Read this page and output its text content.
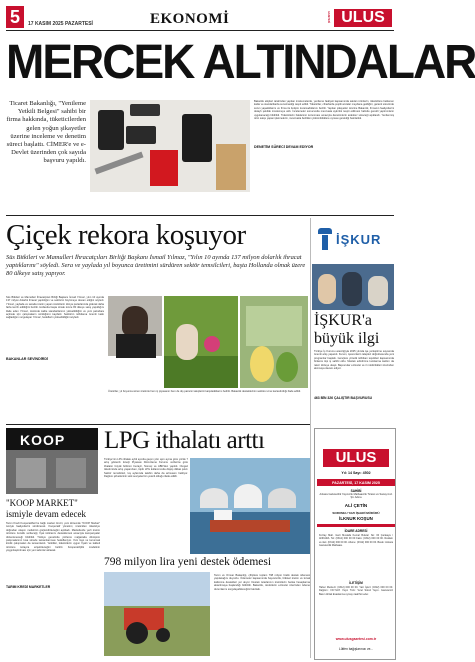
5	17 KASIM 2025 PAZARTESİ	EKONOMİ	ULUS
GAZETESİ
MERCEK ALTINDALAR
Ticaret Bakanlığı, "Yenileme Yetkili Belgesi" sahibi bir firma hakkında, tüketicilerden gelen yoğun şikayetler üzerine inceleme ve denetim süreci başlattı. CİMER'e ve e-Devlet üzerinden çok sayıda başvuru yapıldı.
Bakanlık ekipleri tarafından yapılan incelemelerde, yenileme faaliyeti kapsamında satılan ürünlerin, tüketicilere beklenen kalite ve standartlarda sunulmadığı tespit edildi. Tüketiciler, cihazlarda çeşitli arızalar meydana geldiğini, garanti sürecinde sorun yaşadıklarını ve firma ile iletişim kuramadıklarını belirtti. Yapılan şikayetler üzerine Bakanlık, firmanın faaliyetlerini detaylı şekilde incelemeye aldı. İncelemeler sonucunda mevzuata aykırılık tespit edilmesi halinde gerekli yaptırımların uygulanacağı bildirildi. Tüketicilerin haklarının korunması amacıyla denetimlerin aralıksız süreceği açıklandı. Yenilenmiş ürün satışı yapan işletmelerin, mevzuatta belirtilen yükümlülüklere uyması gerektiği hatırlatıldı.
DENETİM SÜRECİ DEVAM EDİYOR
Çiçek rekora koşuyor
Süs Bitkileri ve Mamulleri İhracatçıları Birliği Başkanı İsmail Yılmaz, "Yılın 10 ayında 137 milyon dolarlık ihracat yaptıklarını" söyledi. Sera ve yaylada yıl boyunca üretimini sürdüren sektör temsilcileri, başta Hollanda olmak üzere 80 ülkeye satış yapıyor.
İŞKUR
Süs Bitkileri ve Mamulleri İhracatçıları Birliği Başkanı İsmail Yılmaz, yılın 10 ayında 137 milyon dolarlık ihracat yapıldığını ve sektörün büyümeye devam ettiğini söyledi. Yılmaz, yaylada ve serada üretim yapan üreticilerin dünya pazarlarında giderek daha fazla tercih edildiğini belirtti. Hollanda başta olmak üzere 80 ülkeye satış yapıldığını ifade eden Yılmaz, üretimde kalite standartlarının yükseltildiğini ve yeni pazarlara açılmak için çalışmaların sürdüğünü kaydetti. Sektörün istihdama önemli katkı sağladığını vurgulayan Yılmaz, hedeflerin yükseltildiğini söyledi.
BAKANLAR SEVİNDİRDİ
Üreticiler, yıl boyunca süren üretimle hem iç piyasanın hem de dış pazarın taleplerini karşıladıklarını belirtti. Bakanlık desteklerinin sektöre ivme kazandırdığı ifade edildi.
İŞKUR'a büyük ilgi
Türkiye İş Kurumu aracılığıyla 2025 yılında işe yerleştirme sayısında önemli artış yaşandı. Kurum, işverenlerin talepleri doğrultusunda yeni programlar başlattı. Gençlere yönelik istihdam teşvikleri kapsamında binlerce kişi iş sahibi oldu. Meslek edindirme kurslarına katılım da rekor düzeye ulaştı. Başvurular e-Devlet ve il müdürlükleri üzerinden alınmaya devam ediyor.
463 BİN 326 ÇALIŞTIR BAŞVURUSU
KOOP
"KOOP MARKET" ismiyle devam edecek
Tarım Kredi Kooperatifleri'ne bağlı market zinciri, yeni dönemde "KOOP Market" ismiyle faaliyetlerini sürdürecek. Kooperatif yönetimi, üreticiden tüketiciye doğrudan ulaşım modelinin güçlendirileceğini açıkladı. Marketlerde yerli üretim ürünlere öncelik verileceği, fiyat istikrarını desteklemek amacıyla kampanyalar düzenleneceği bildirildi. Türkiye genelinde yüzlerce mağazada dönüşüm çalışmalarının kısa sürede tamamlanması hedefleniyor. Yeni logo ve kurumsal kimlik çalışmaları da tamamlandı. Yetkililer, tüketicilerin uygun fiyatlı ve kaliteli ürünlere kolayca erişebileceğini belirtti. Kooperatifçilik modelinin yaygınlaştırılması için yeni adımlar atılacak.
TARIM KREDİ MARKETLER
LPG ithalatı arttı
Türkiye'nin LPG ithalatı eylül ayında geçen yılın aynı ayına göre yüzde 7 artış gösterdi. Enerji Piyasası Düzenleme Kurumu verilerine göre ithalatın büyük bölümü Cezayir, Norveç ve ABD'den yapıldı. Otogaz tüketiminde artış yaşanırken, tüplü LPG kullanımında düşüş dikkat çekti. Sektör temsilcileri, kış aylarında talebin daha da artmasını bekliyor. Dağıtım şirketlerinin stok seviyelerinin yeterli olduğu ifade edildi.
798 milyon lira yeni destek ödemesi
Tarım ve Orman Bakanlığı, çiftçilere toplam 798 milyon liralık destek ödemesi yapılacağını duyurdu. Ödemeler kapsamında hayvancılık, bitkisel üretim ve kırsal kalkınma destekleri yer alıyor. Destek tutarlarının üreticilerin banka hesaplarına aktarılmaya başlandığı bildirildi. Bakanlık, üreticilerin e-Devlet üzerinden ödeme durumlarını sorgulayabileceğini hatırlattı.
ULUS
Yıl: 14 Sayı: 4502
PAZARTESİ, 17 KASIM 2025
SAHİBİ
Ankara Gazetecilik Yayıncılık Matbaacılık Ticaret ve Sanayi Ltd. Şti. Adına
ALİ ÇETİN
SORUMLU YAZI İŞLERİ MÜDÜRÜ
İLKNUR KOŞUN
İDARE ADRESİ
Kızılay Mah. Gazi Mustafa Kemal Bulvarı No: 00 Çankaya / ANKARA. Tel: (0312) 000 00 00 Faks: (0312) 000 00 00. Reklam ve ilan: (0312) 000 00 00. Abone: (0312) 000 00 00. Baskı: Ankara Gazetecilik Matbaası.
İLETİŞİM
Haber Merkezi: (0312) 000 00 00. Yazı İşleri: (0312) 000 00 00. Dağıtım: YAY-SAT. Yayın Türü: Yerel Süreli Yayın. Gazetemiz Basın Ahlak Esaslarına uymayı taahhüt eder.
www.ulusgazetesi.com.tr
Lütfen bağışlarınızı ve...
